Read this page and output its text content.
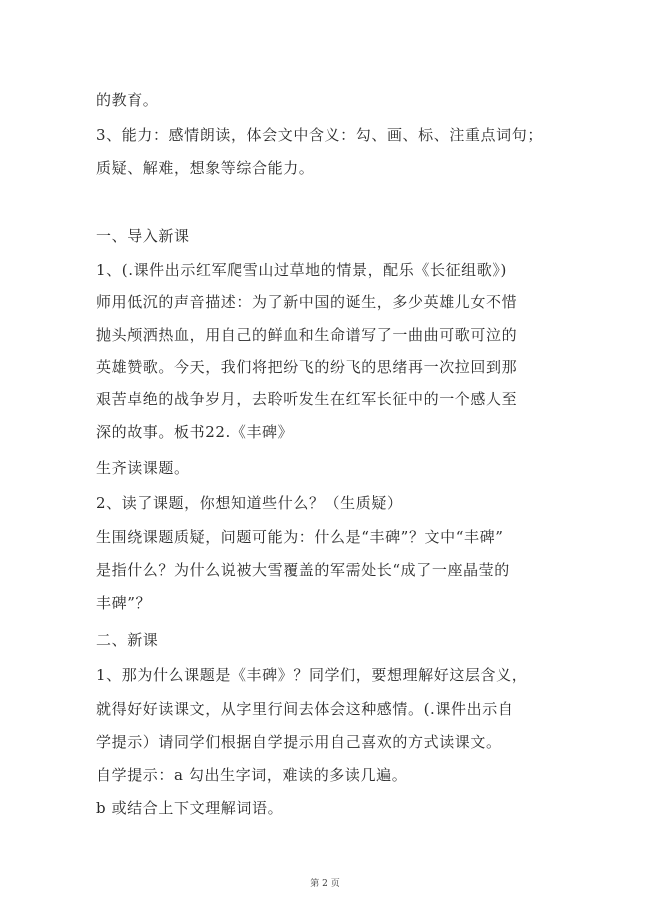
的教育。
3、能力：感情朗读，体会文中含义：勾、画、标、注重点词句；
质疑、解难，想象等综合能力。
一、导入新课
1、(.课件出示红军爬雪山过草地的情景，配乐《长征组歌》)
师用低沉的声音描述：为了新中国的诞生，多少英雄儿女不惜
抛头颅洒热血，用自己的鲜血和生命谱写了一曲曲可歌可泣的
英雄赞歌。今天，我们将把纷飞的纷飞的思绪再一次拉回到那
艰苦卓绝的战争岁月，去聆听发生在红军长征中的一个感人至
深的故事。板书22.《丰碑》
生齐读课题。
2、读了课题，你想知道些什么？（生质疑）
生围绕课题质疑，问题可能为：什么是“丰碑”？文中“丰碑”
是指什么？为什么说被大雪覆盖的军需处长“成了一座晶莹的
丰碑”？
二、新课
1、那为什么课题是《丰碑》？同学们，要想理解好这层含义，
就得好好读课文，从字里行间去体会这种感情。(.课件出示自
学提示）请同学们根据自学提示用自己喜欢的方式读课文。
自学提示：a 勾出生字词，难读的多读几遍。
b 或结合上下文理解词语。
第 2 页
